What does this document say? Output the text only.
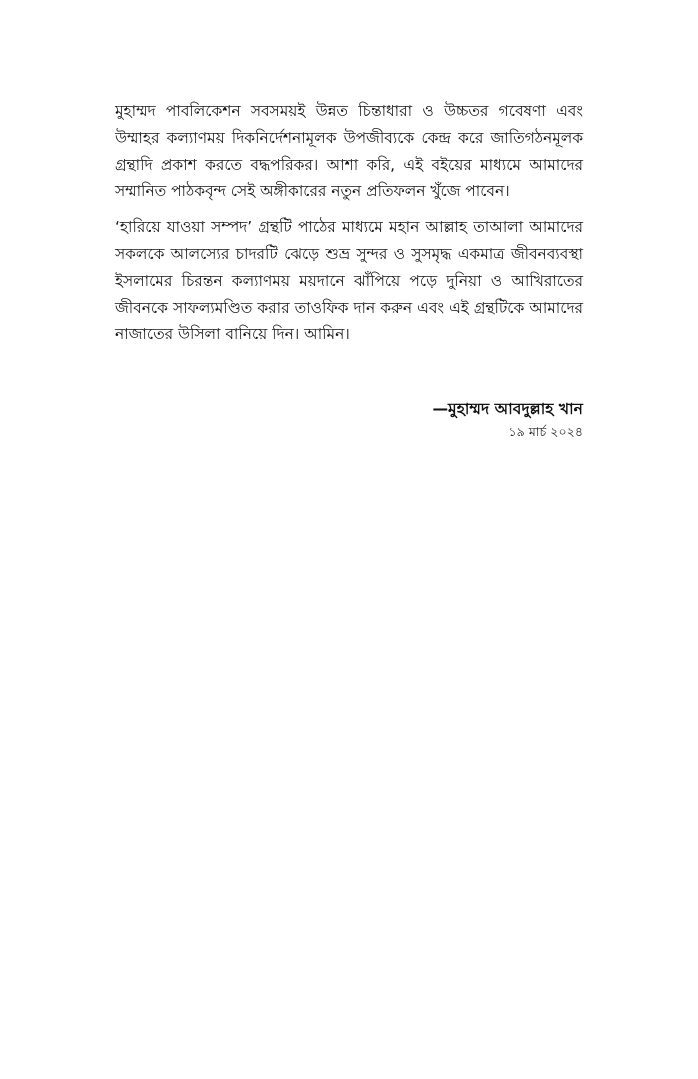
মুহাম্মদ পাবলিকেশন সবসময়ই উন্নত চিন্তাধারা ও উচ্চতর গবেষণা এবং উম্মাহর কল্যাণময় দিকনির্দেশনামূলক উপজীব্যকে কেন্দ্র করে জাতিগঠনমূলক গ্রন্থাদি প্রকাশ করতে বদ্ধপরিকর। আশা করি, এই বইয়ের মাধ্যমে আমাদের সম্মানিত পাঠকবৃন্দ সেই অঙ্গীকারের নতুন প্রতিফলন খুঁজে পাবেন।

‘হারিয়ে যাওয়া সম্পদ’ গ্রন্থটি পাঠের মাধ্যমে মহান আল্লাহ তাআলা আমাদের সকলকে আলস্যের চাদরটি ঝেড়ে শুভ্র সুন্দর ও সুসমৃদ্ধ একমাত্র জীবনব্যবস্থা ইসলামের চিরন্তন কল্যাণময় ময়দানে ঝাঁপিয়ে পড়ে দুনিয়া ও আখিরাতের জীবনকে সাফল্যমণ্ডিত করার তাওফিক দান করুন এবং এই গ্রন্থটিকে আমাদের নাজাতের উসিলা বানিয়ে দিন। আমিন।

—মুহাম্মদ আবদুল্লাহ খান
১৯ মার্চ ২০২৪
